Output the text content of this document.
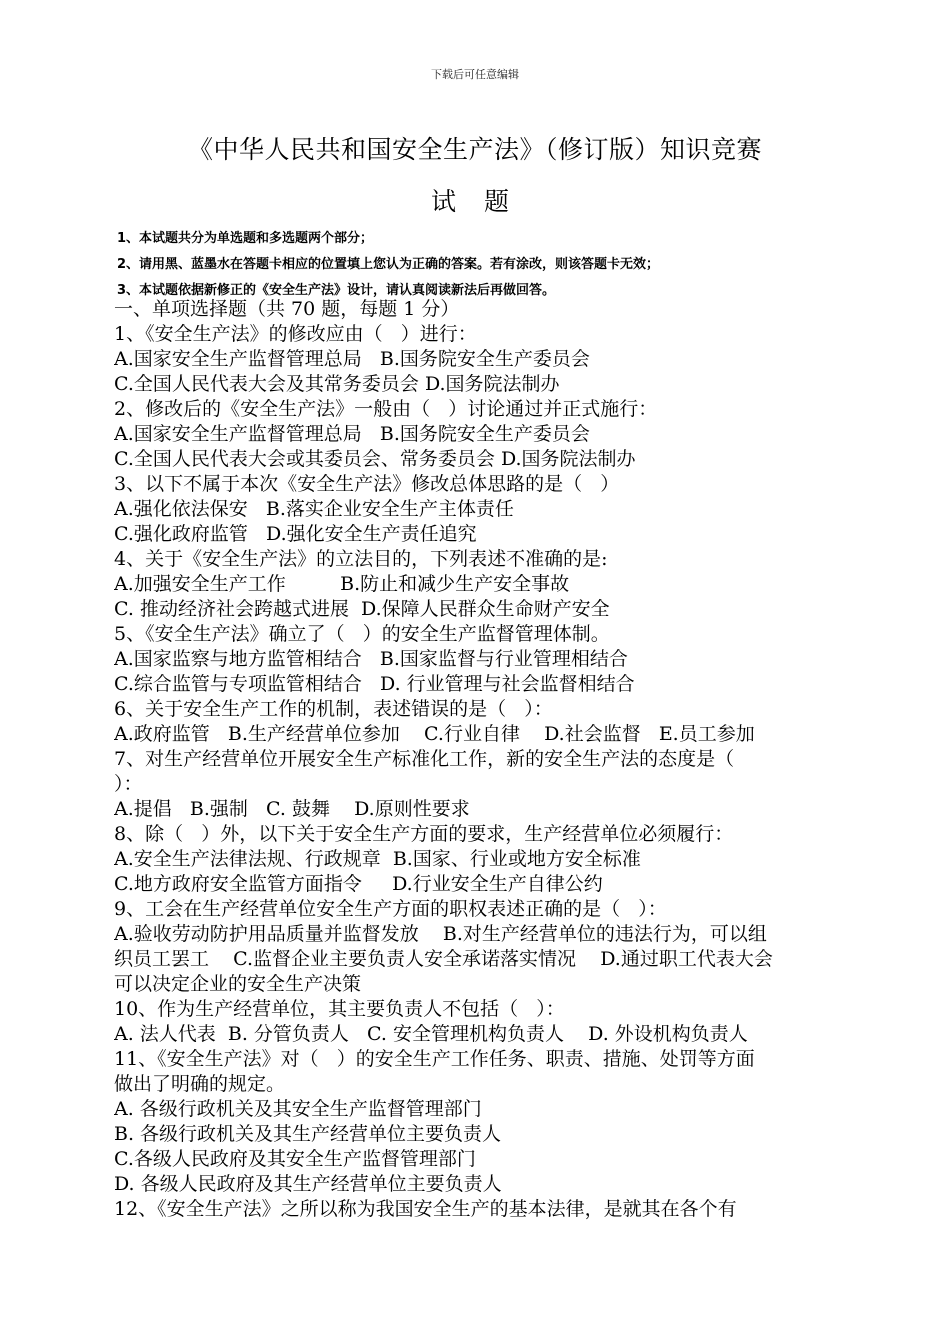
下载后可任意编辑
《中华人民共和国安全生产法》（修订版）知识竞赛
试 题
1、本试题共分为单选题和多选题两个部分；
2、请用黑、蓝墨水在答题卡相应的位置填上您认为正确的答案。若有涂改，则该答题卡无效；
3、本试题依据新修正的《安全生产法》设计，请认真阅读新法后再做回答。
一、单项选择题（共 70 题，每题 1 分）
1、《安全生产法》的修改应由（   ）进行：
A.国家安全生产监督管理总局   B.国务院安全生产委员会
C.全国人民代表大会及其常务委员会 D.国务院法制办
2、修改后的《安全生产法》一般由（   ）讨论通过并正式施行：
A.国家安全生产监督管理总局   B.国务院安全生产委员会
C.全国人民代表大会或其委员会、常务委员会 D.国务院法制办
3、以下不属于本次《安全生产法》修改总体思路的是（   ）
A.强化依法保安   B.落实企业安全生产主体责任
C.强化政府监管   D.强化安全生产责任追究
4、关于《安全生产法》的立法目的，下列表述不准确的是:
A.加强安全生产工作         B.防止和减少生产安全事故
C. 推动经济社会跨越式进展  D.保障人民群众生命财产安全
5、《安全生产法》确立了（   ）的安全生产监督管理体制。
A.国家监察与地方监管相结合   B.国家监督与行业管理相结合
C.综合监管与专项监管相结合   D. 行业管理与社会监督相结合
6、关于安全生产工作的机制，表述错误的是（   ）：
A.政府监管   B.生产经营单位参加    C.行业自律    D.社会监督   E.员工参加
7、对生产经营单位开展安全生产标准化工作，新的安全生产法的态度是（
）：
A.提倡   B.强制   C. 鼓舞    D.原则性要求
8、除（   ）外，以下关于安全生产方面的要求，生产经营单位必须履行：
A.安全生产法律法规、行政规章  B.国家、行业或地方安全标准
C.地方政府安全监管方面指令     D.行业安全生产自律公约
9、工会在生产经营单位安全生产方面的职权表述正确的是（   ）：
A.验收劳动防护用品质量并监督发放    B.对生产经营单位的违法行为，可以组
织员工罢工    C.监督企业主要负责人安全承诺落实情况    D.通过职工代表大会
可以决定企业的安全生产决策
10、作为生产经营单位，其主要负责人不包括（   ）：
A. 法人代表  B. 分管负责人   C. 安全管理机构负责人    D. 外设机构负责人
11、《安全生产法》对（   ）的安全生产工作任务、职责、措施、处罚等方面
做出了明确的规定。
A. 各级行政机关及其安全生产监督管理部门
B. 各级行政机关及其生产经营单位主要负责人
C.各级人民政府及其安全生产监督管理部门
D. 各级人民政府及其生产经营单位主要负责人
12、《安全生产法》之所以称为我国安全生产的基本法律，是就其在各个有
